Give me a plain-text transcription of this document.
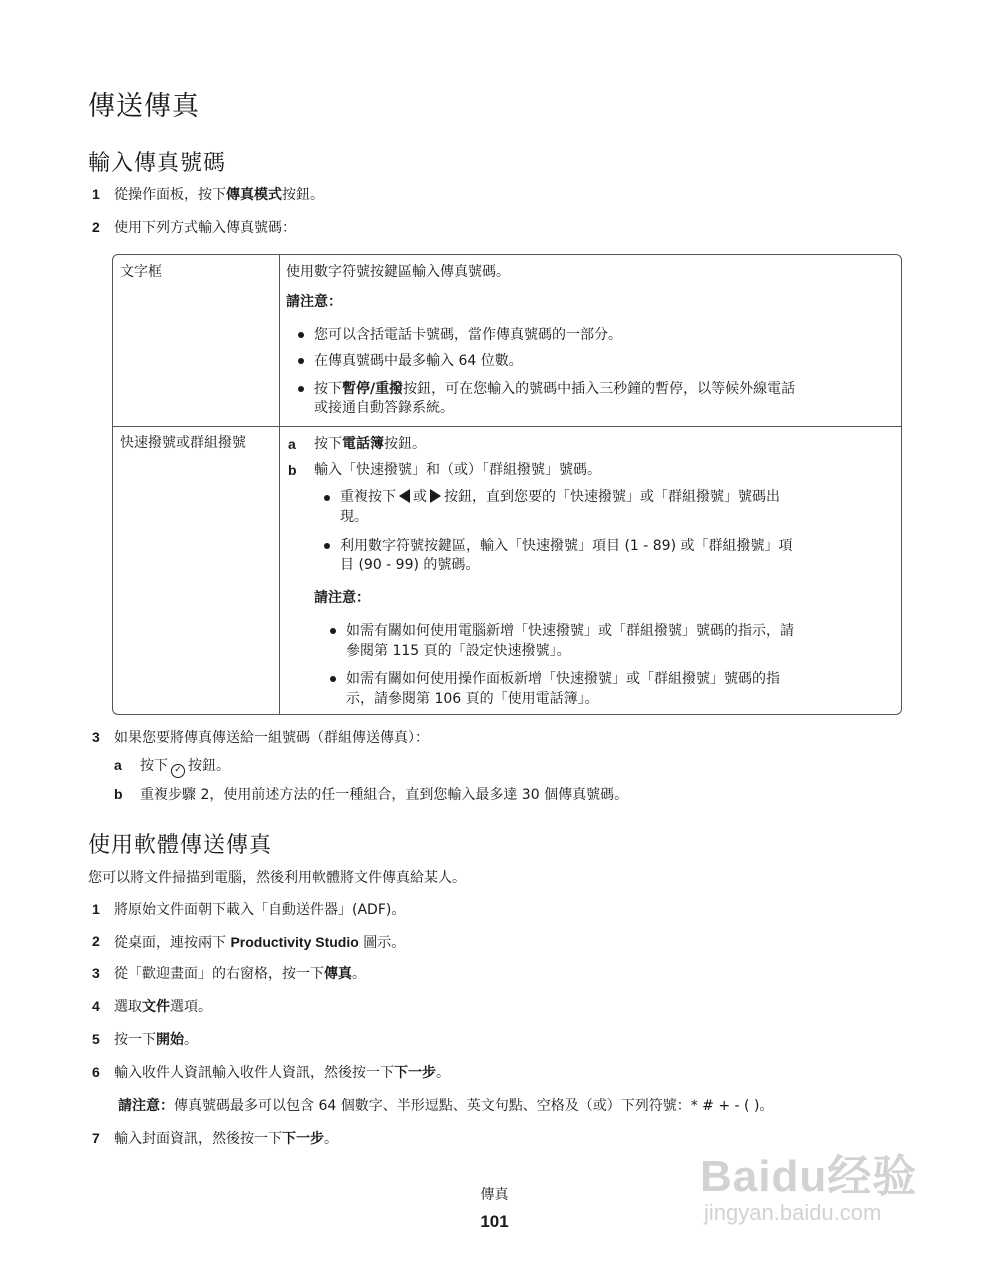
傳送傳真
輸入傳真號碼
1 從操作面板，按下傳真模式按鈕。
2 使用下列方式輸入傳真號碼：
文字框	使用數字符號按鍵區輸入傳真號碼。
請注意：
您可以含括電話卡號碼，當作傳真號碼的一部分。
在傳真號碼中最多輸入 64 位數。
按下暫停/重撥按鈕，可在您輸入的號碼中插入三秒鐘的暫停，以等候外線電話
或接通自動答錄系統。
快速撥號或群組撥號	a 按下電話簿按鈕。
b 輸入「快速撥號」和（或）「群組撥號」號碼。
重複按下 或 按鈕，直到您要的「快速撥號」或「群組撥號」號碼出
現。
利用數字符號按鍵區，輸入「快速撥號」項目 (1 - 89) 或「群組撥號」項
目 (90 - 99) 的號碼。
請注意：
如需有關如何使用電腦新增「快速撥號」或「群組撥號」號碼的指示，請
參閱第 115 頁的「設定快速撥號」。
如需有關如何使用操作面板新增「快速撥號」或「群組撥號」號碼的指
示，請參閱第 106 頁的「使用電話簿」。
3 如果您要將傳真傳送給一組號碼（群組傳送傳真）：
a 按下 ✓ 按鈕。
b 重複步驟 2，使用前述方法的任一種組合，直到您輸入最多達 30 個傳真號碼。
使用軟體傳送傳真
您可以將文件掃描到電腦，然後利用軟體將文件傳真給某人。
1 將原始文件面朝下載入「自動送件器」(ADF)。
2 從桌面，連按兩下 Productivity Studio 圖示。
3 從「歡迎畫面」的右窗格，按一下傳真。
4 選取文件選項。
5 按一下開始。
6 輸入收件人資訊輸入收件人資訊，然後按一下下一步。
請注意：傳真號碼最多可以包含 64 個數字、半形逗點、英文句點、空格及（或）下列符號：* # + - ( )。
7 輸入封面資訊，然後按一下下一步。
傳真
101
Baidu经验
jingyan.baidu.com
